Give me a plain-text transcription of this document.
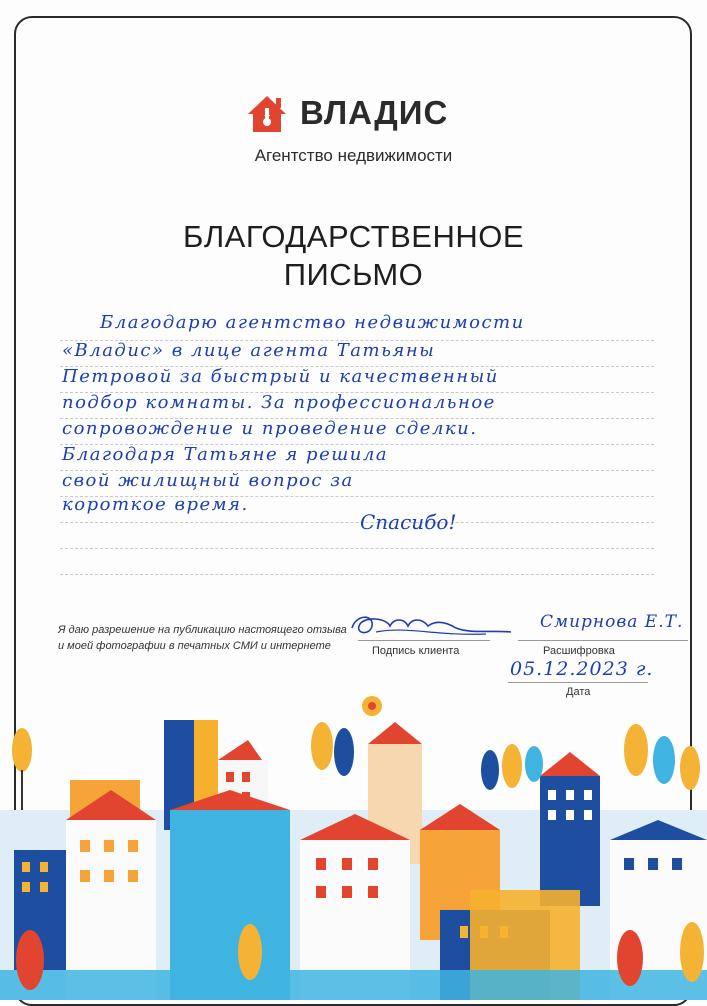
1 ВЛАДИС
Агентство недвижимости
БЛАГОДАРСТВЕННОЕ
ПИСЬМО
Благодарю агентство недвижимости
«Владис» в лице агента Татьяны
Петровой за быстрый и качественный
подбор комнаты. За профессиональное
сопровождение и проведение сделки.
Благодаря Татьяне я решила
свой жилищный вопрос за
короткое время.
Спасибо!
Я даю разрешение на публикацию настоящего отзыва и моей фотографии в печатных СМИ и интернете	Подпись клиента
Смирнова Е.Т.
Расшифровка
05.12.2023 г.
Дата
